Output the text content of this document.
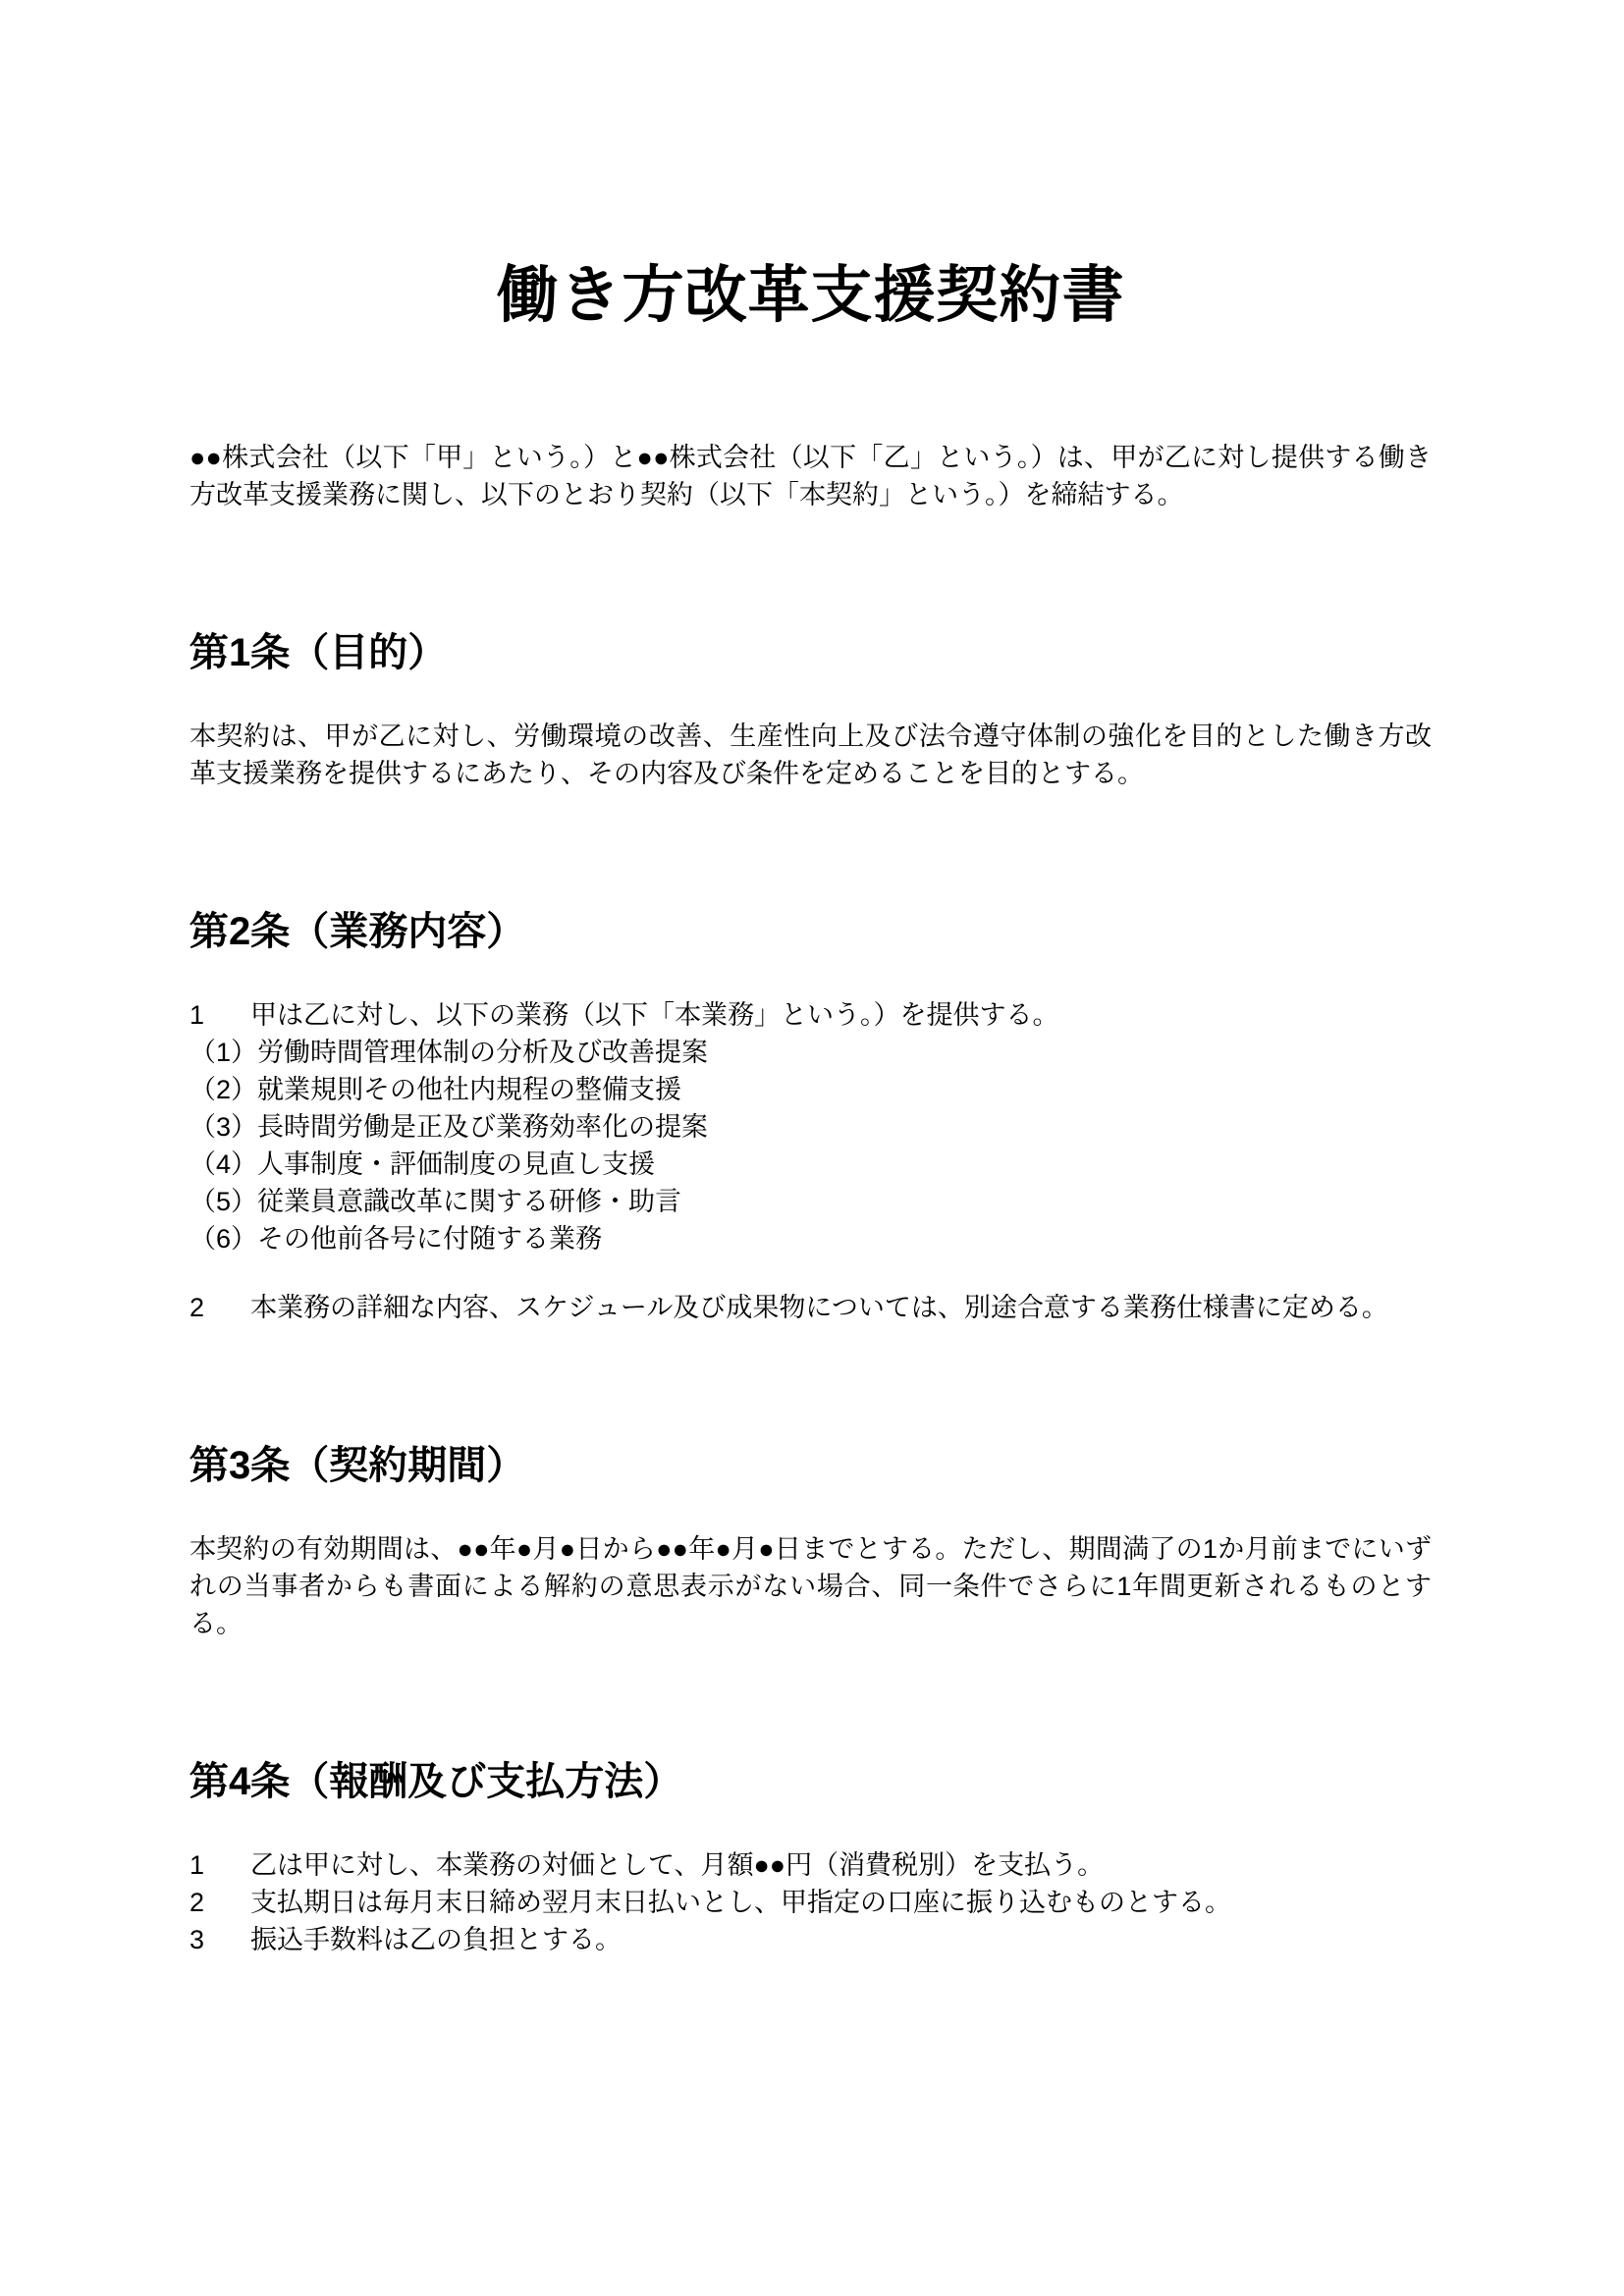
働き方改革支援契約書

●●株式会社（以下「甲」という。）と●●株式会社（以下「乙」という。）は、甲が乙に対し提供する働き方改革支援業務に関し、以下のとおり契約（以下「本契約」という。）を締結する。

第1条（目的）

本契約は、甲が乙に対し、労働環境の改善、生産性向上及び法令遵守体制の強化を目的とした働き方改革支援業務を提供するにあたり、その内容及び条件を定めることを目的とする。

第2条（業務内容）
1	甲は乙に対し、以下の業務（以下「本業務」という。）を提供する。
（1）労働時間管理体制の分析及び改善提案
（2）就業規則その他社内規程の整備支援
（3）長時間労働是正及び業務効率化の提案
（4）人事制度・評価制度の見直し支援
（5）従業員意識改革に関する研修・助言
（6）その他前各号に付随する業務
2	本業務の詳細な内容、スケジュール及び成果物については、別途合意する業務仕様書に定める。
第3条（契約期間）

本契約の有効期間は、●●年●月●日から●●年●月●日までとする。ただし、期間満了の1か月前までにいずれの当事者からも書面による解約の意思表示がない場合、同一条件でさらに1年間更新されるものとする。

第4条（報酬及び支払方法）
1	乙は甲に対し、本業務の対価として、月額●●円（消費税別）を支払う。
2	支払期日は毎月末日締め翌月末日払いとし、甲指定の口座に振り込むものとする。
3	振込手数料は乙の負担とする。
